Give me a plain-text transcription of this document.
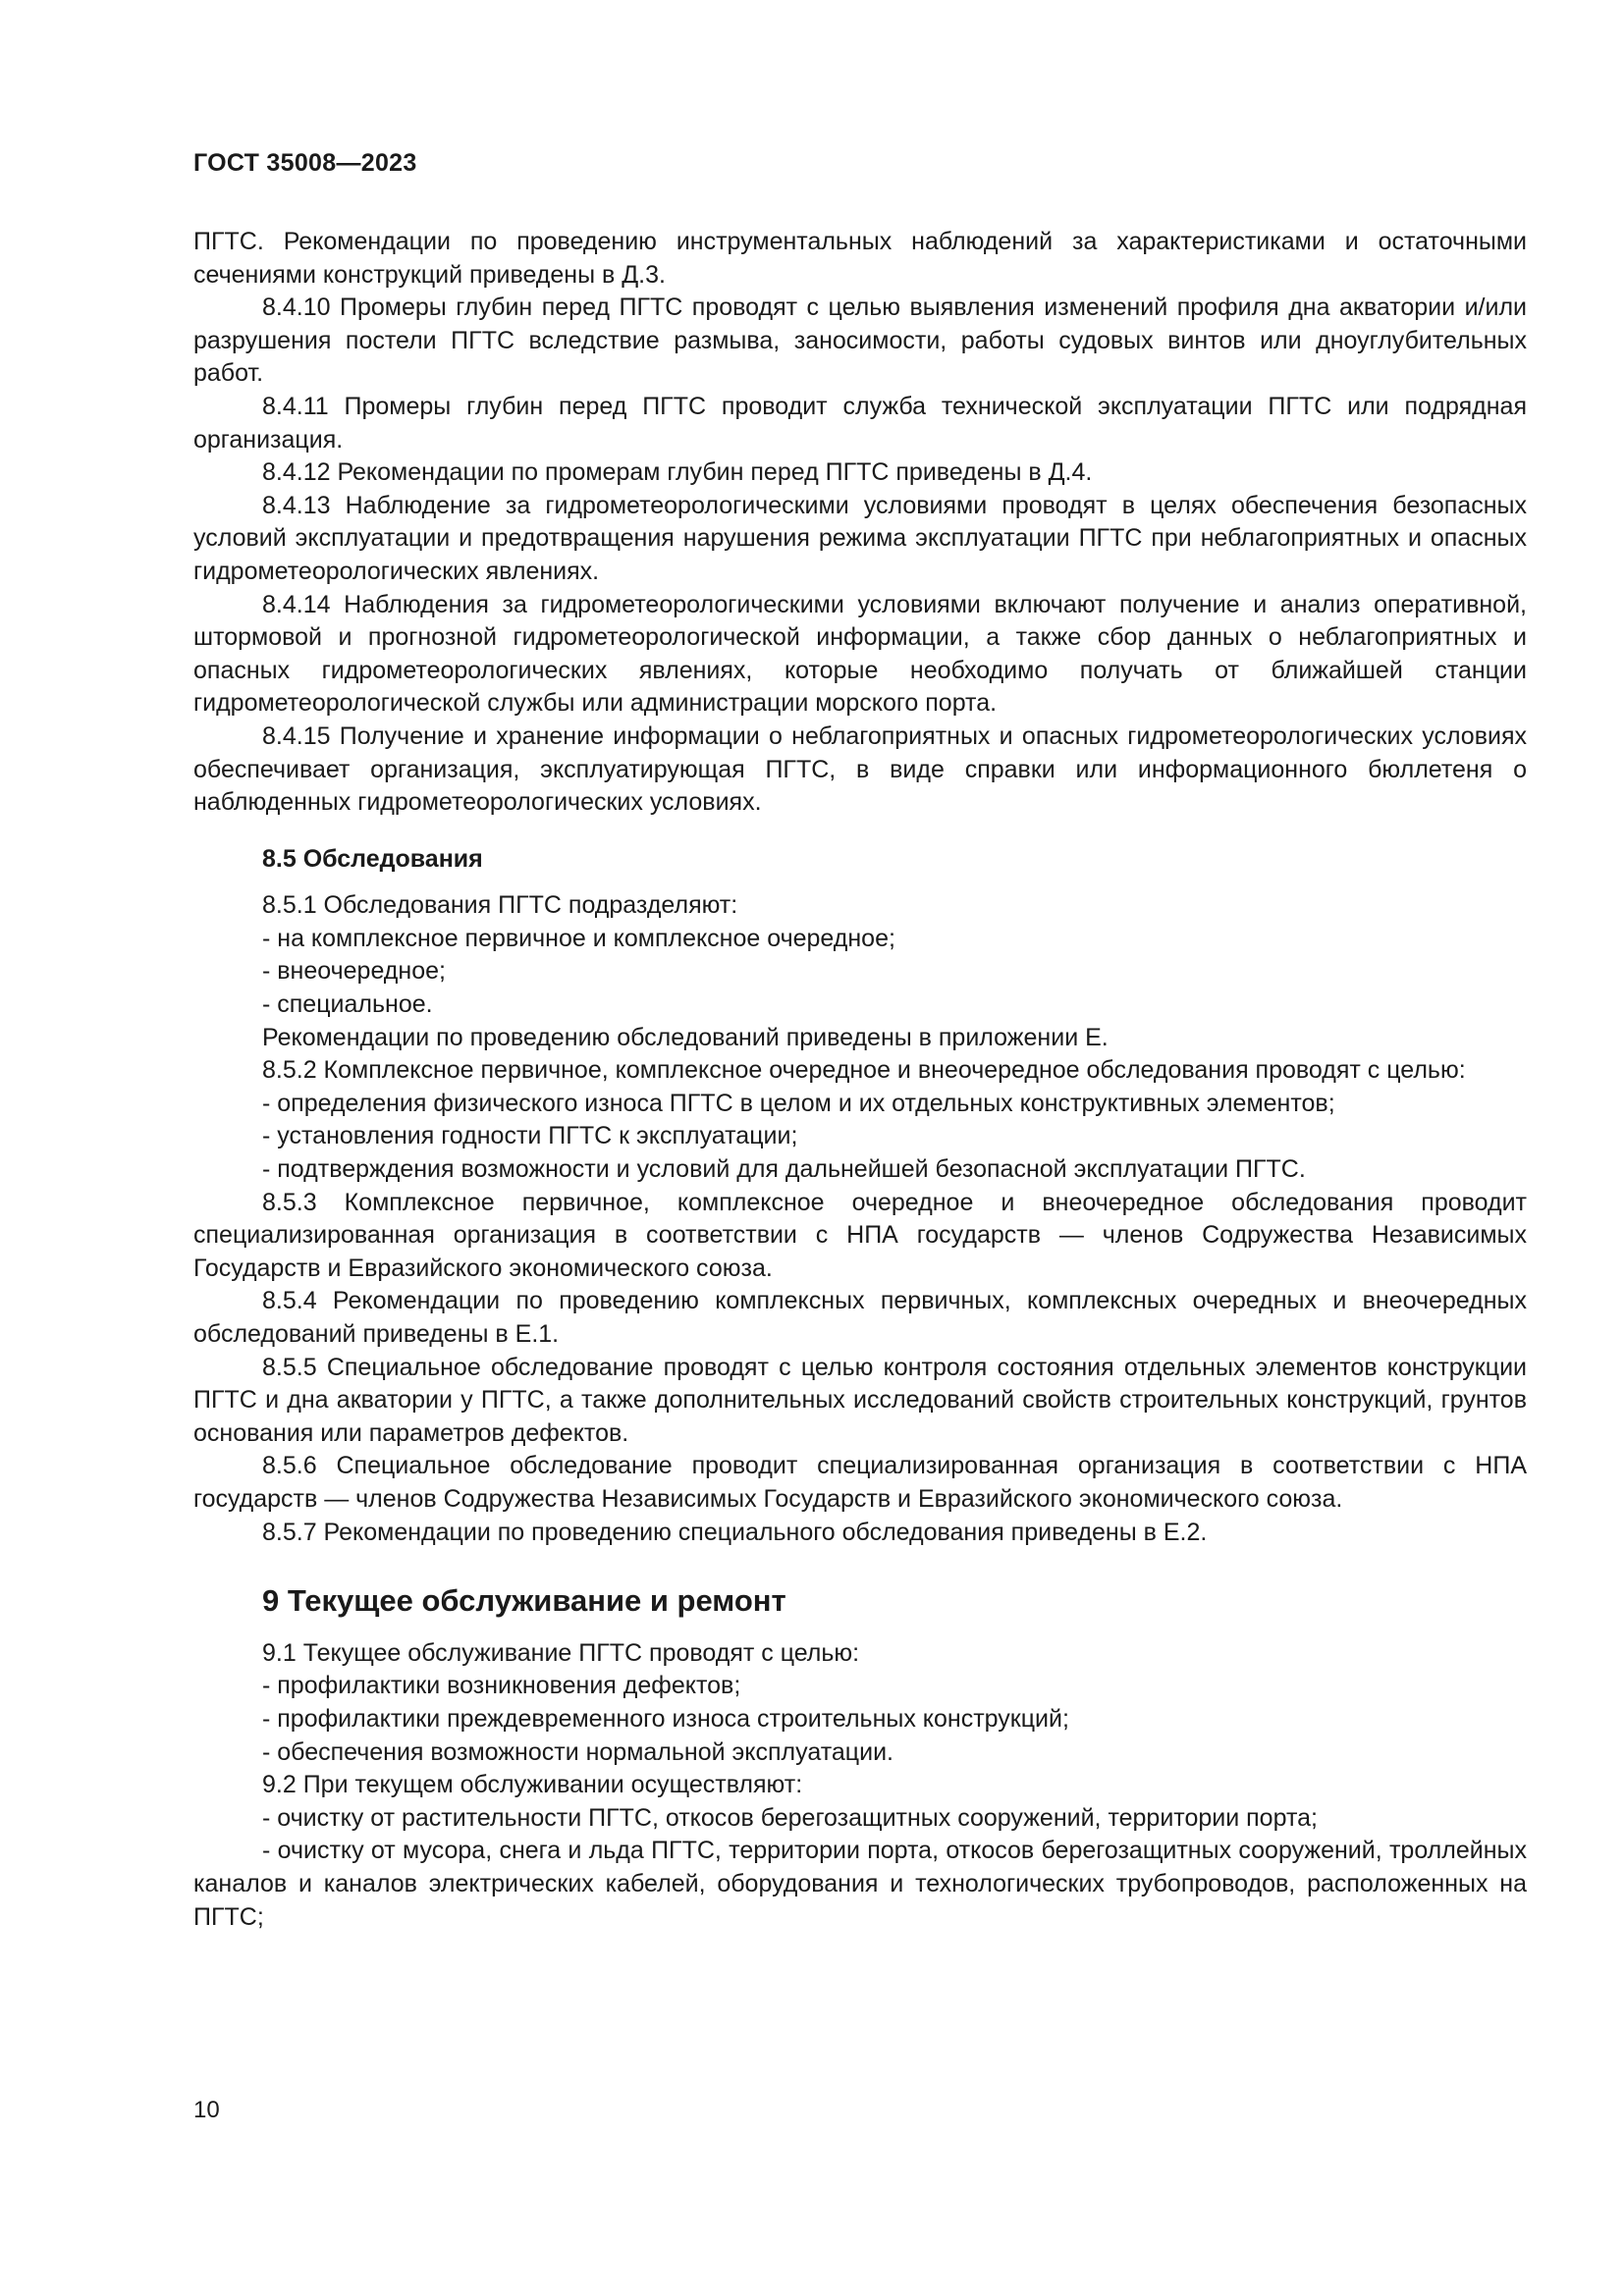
ГОСТ 35008—2023

ПГТС. Рекомендации по проведению инструментальных наблюдений за характеристиками и остаточными сечениями конструкций приведены в Д.3.

8.4.10 Промеры глубин перед ПГТС проводят с целью выявления изменений профиля дна акватории и/или разрушения постели ПГТС вследствие размыва, заносимости, работы судовых винтов или дноуглубительных работ.

8.4.11 Промеры глубин перед ПГТС проводит служба технической эксплуатации ПГТС или подрядная организация.

8.4.12 Рекомендации по промерам глубин перед ПГТС приведены в Д.4.

8.4.13 Наблюдение за гидрометеорологическими условиями проводят в целях обеспечения безопасных условий эксплуатации и предотвращения нарушения режима эксплуатации ПГТС при неблагоприятных и опасных гидрометеорологических явлениях.

8.4.14 Наблюдения за гидрометеорологическими условиями включают получение и анализ оперативной, штормовой и прогнозной гидрометеорологической информации, а также сбор данных о неблагоприятных и опасных гидрометеорологических явлениях, которые необходимо получать от ближайшей станции гидрометеорологической службы или администрации морского порта.

8.4.15 Получение и хранение информации о неблагоприятных и опасных гидрометеорологических условиях обеспечивает организация, эксплуатирующая ПГТС, в виде справки или информационного бюллетеня о наблюденных гидрометеорологических условиях.

8.5 Обследования

8.5.1 Обследования ПГТС подразделяют:

- на комплексное первичное и комплексное очередное;

- внеочередное;

- специальное.

Рекомендации по проведению обследований приведены в приложении Е.

8.5.2 Комплексное первичное, комплексное очередное и внеочередное обследования проводят с целью:

- определения физического износа ПГТС в целом и их отдельных конструктивных элементов;

- установления годности ПГТС к эксплуатации;

- подтверждения возможности и условий для дальнейшей безопасной эксплуатации ПГТС.

8.5.3 Комплексное первичное, комплексное очередное и внеочередное обследования проводит специализированная организация в соответствии с НПА государств — членов Содружества Независимых Государств и Евразийского экономического союза.

8.5.4 Рекомендации по проведению комплексных первичных, комплексных очередных и внеочередных обследований приведены в Е.1.

8.5.5 Специальное обследование проводят с целью контроля состояния отдельных элементов конструкции ПГТС и дна акватории у ПГТС, а также дополнительных исследований свойств строительных конструкций, грунтов основания или параметров дефектов.

8.5.6 Специальное обследование проводит специализированная организация в соответствии с НПА государств — членов Содружества Независимых Государств и Евразийского экономического союза.

8.5.7 Рекомендации по проведению специального обследования приведены в Е.2.

9 Текущее обслуживание и ремонт

9.1 Текущее обслуживание ПГТС проводят с целью:

- профилактики возникновения дефектов;

- профилактики преждевременного износа строительных конструкций;

- обеспечения возможности нормальной эксплуатации.

9.2 При текущем обслуживании осуществляют:

- очистку от растительности ПГТС, откосов берегозащитных сооружений, территории порта;

- очистку от мусора, снега и льда ПГТС, территории порта, откосов берегозащитных сооружений, троллейных каналов и каналов электрических кабелей, оборудования и технологических трубопроводов, расположенных на ПГТС;

10
